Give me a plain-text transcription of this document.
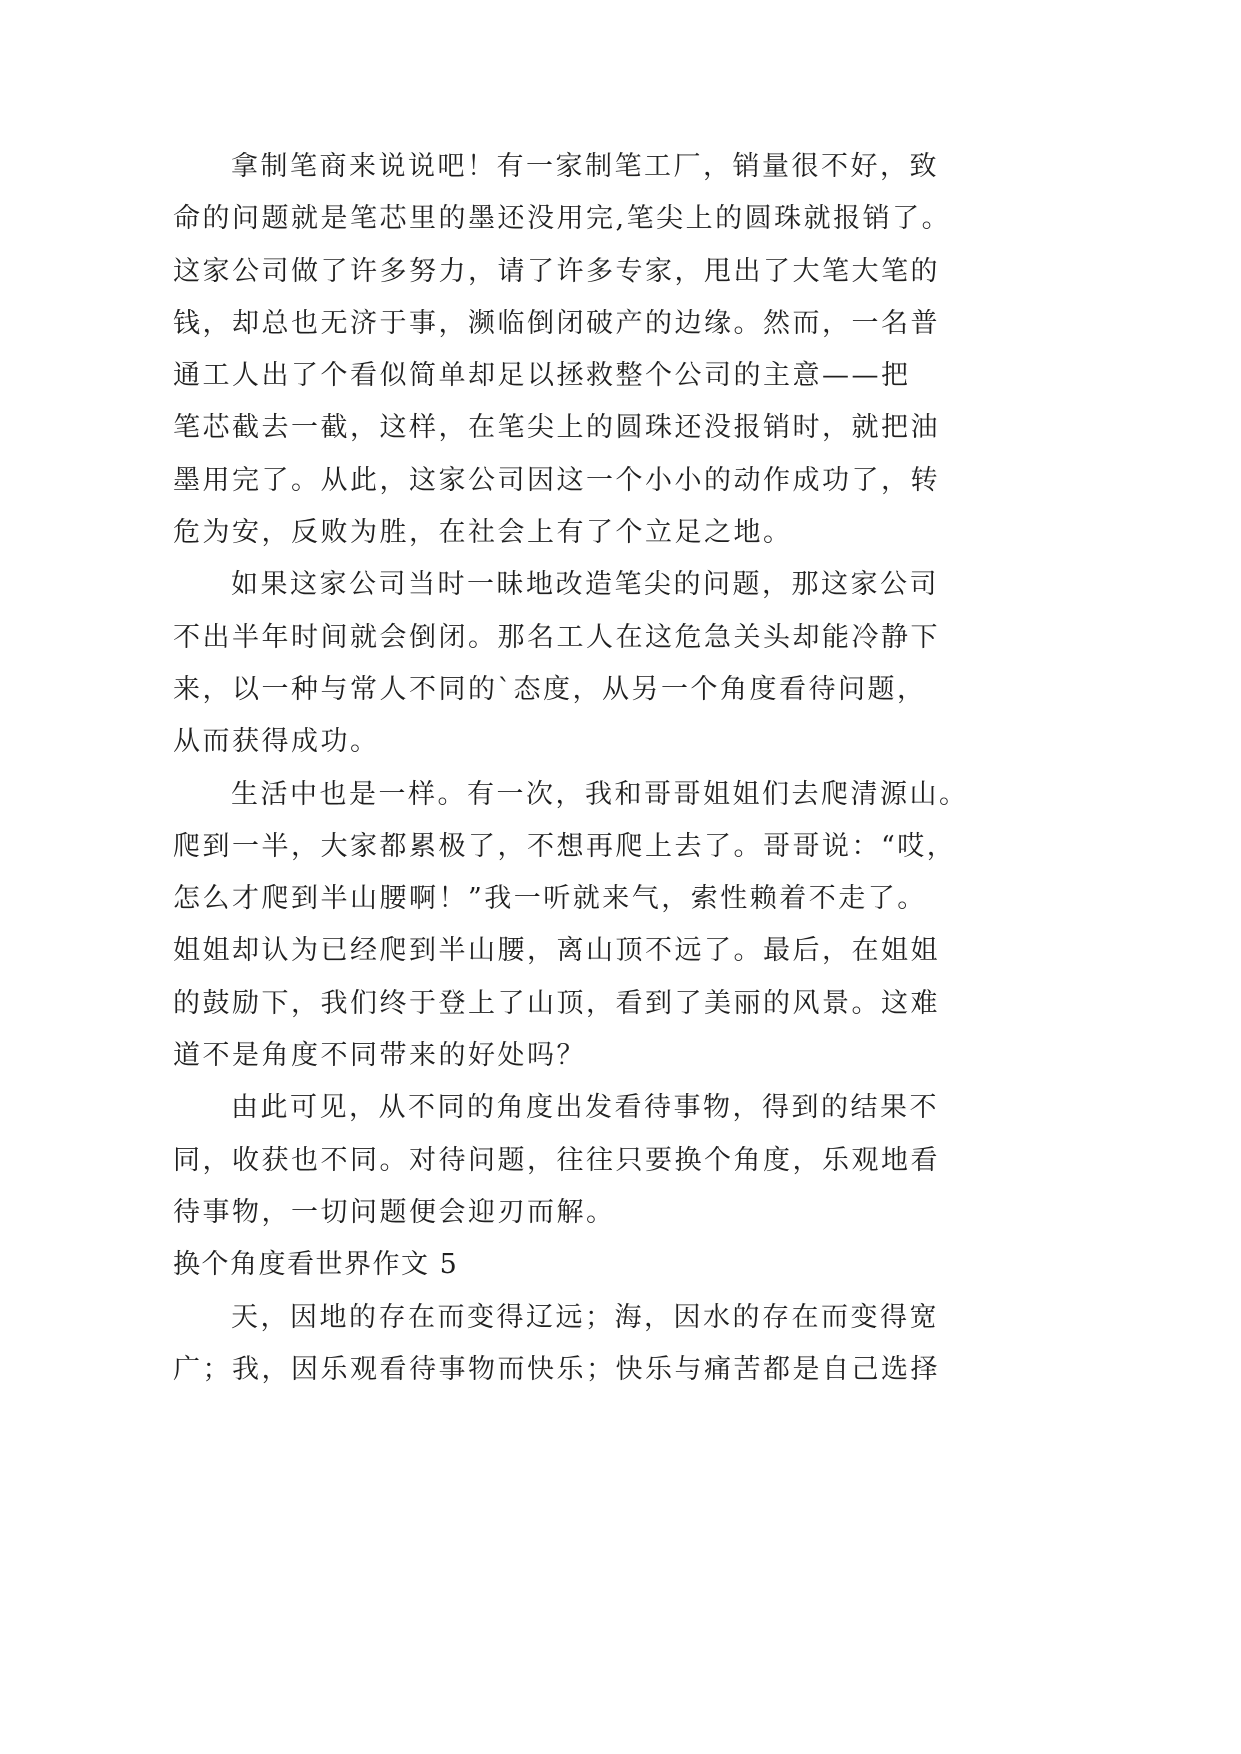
拿制笔商来说说吧！有一家制笔工厂，销量很不好，致
命的问题就是笔芯里的墨还没用完,笔尖上的圆珠就报销了。
这家公司做了许多努力，请了许多专家，甩出了大笔大笔的
钱，却总也无济于事，濒临倒闭破产的边缘。然而，一名普
通工人出了个看似简单却足以拯救整个公司的主意——把
笔芯截去一截，这样，在笔尖上的圆珠还没报销时，就把油
墨用完了。从此，这家公司因这一个小小的动作成功了，转
危为安，反败为胜，在社会上有了个立足之地。
如果这家公司当时一昧地改造笔尖的问题，那这家公司
不出半年时间就会倒闭。那名工人在这危急关头却能冷静下
来，以一种与常人不同的`态度，从另一个角度看待问题，
从而获得成功。
生活中也是一样。有一次，我和哥哥姐姐们去爬清源山。
爬到一半，大家都累极了，不想再爬上去了。哥哥说：“哎，
怎么才爬到半山腰啊！”我一听就来气，索性赖着不走了。
姐姐却认为已经爬到半山腰，离山顶不远了。最后，在姐姐
的鼓励下，我们终于登上了山顶，看到了美丽的风景。这难
道不是角度不同带来的好处吗？
由此可见，从不同的角度出发看待事物，得到的结果不
同，收获也不同。对待问题，往往只要换个角度，乐观地看
待事物，一切问题便会迎刃而解。
换个角度看世界作文 5
天，因地的存在而变得辽远；海，因水的存在而变得宽
广；我，因乐观看待事物而快乐；快乐与痛苦都是自己选择
